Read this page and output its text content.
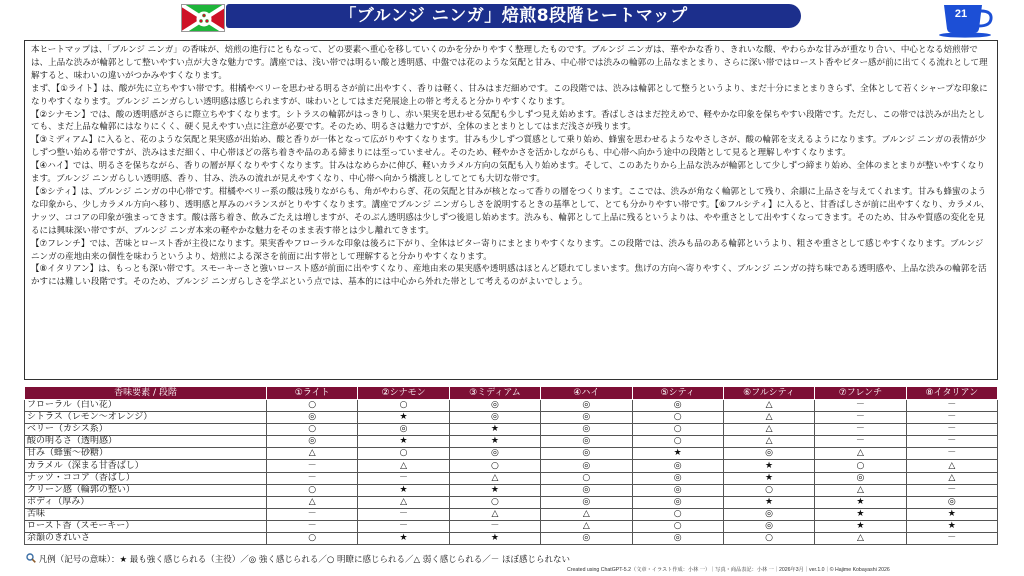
「ブルンジ ニンガ」焙煎8段階ヒートマップ	21

本ヒートマップは、「ブルンジ ニンガ」の香味が、焙煎の進行にともなって、どの要素へ重心を移していくのかを分かりやすく整理したものです。ブルンジ ニンガは、華やかな香り、きれいな酸、やわらかな甘みが重なり合い、中心となる焙煎帯では、上品な渋みが輪郭として整いやすい点が大きな魅力です。講座では、浅い帯では明るい酸と透明感、中盤では花のような気配と甘み、中心帯では渋みの輪郭の上品なまとまり、さらに深い帯ではロースト香やビター感が前に出てくる流れとして理解すると、味わいの違いがつかみやすくなります。

まず、【①ライト】は、酸が先に立ちやすい帯です。柑橘やベリーを思わせる明るさが前に出やすく、香りは軽く、甘みはまだ細めです。この段階では、渋みは輪郭として整うというより、まだ十分にまとまりきらず、全体として若くシャープな印象になりやすくなります。ブルンジ ニンガらしい透明感は感じられますが、味わいとしてはまだ発展途上の帯と考えると分かりやすくなります。

【②シナモン】では、酸の透明感がさらに際立ちやすくなります。シトラスの輪郭がはっきりし、赤い果実を思わせる気配も少しずつ見え始めます。香ばしさはまだ控えめで、軽やかな印象を保ちやすい段階です。ただし、この帯では渋みが出たとしても、まだ上品な輪郭にはなりにくく、硬く見えやすい点に注意が必要です。そのため、明るさは魅力ですが、全体のまとまりとしてはまだ浅さが残ります。

【③ミディアム】に入ると、花のような気配と果実感が出始め、酸と香りが一体となって広がりやすくなります。甘みも少しずつ質感として乗り始め、蜂蜜を思わせるようなやさしさが、酸の輪郭を支えるようになります。ブルンジ ニンガの表情が少しずつ整い始める帯ですが、渋みはまだ細く、中心帯ほどの落ち着きや品のある締まりには至っていません。そのため、軽やかさを活かしながらも、中心帯へ向かう途中の段階として見ると理解しやすくなります。

【④ハイ】では、明るさを保ちながら、香りの層が厚くなりやすくなります。甘みはなめらかに伸び、軽いカラメル方向の気配も入り始めます。そして、このあたりから上品な渋みが輪郭として少しずつ締まり始め、全体のまとまりが整いやすくなります。ブルンジ ニンガらしい透明感、香り、甘み、渋みの流れが見えやすくなり、中心帯へ向かう橋渡しとしてとても大切な帯です。

【⑤シティ】は、ブルンジ ニンガの中心帯です。柑橘やベリー系の酸は残りながらも、角がやわらぎ、花の気配と甘みが核となって香りの層をつくります。ここでは、渋みが角なく輪郭として残り、余韻に上品さを与えてくれます。甘みも蜂蜜のような印象から、少しカラメル方向へ移り、透明感と厚みのバランスがとりやすくなります。講座でブルンジ ニンガらしさを説明するときの基準として、とても分かりやすい帯です。【⑥フルシティ】に入ると、甘香ばしさが前に出やすくなり、カラメル、ナッツ、ココアの印象が強まってきます。酸は落ち着き、飲みごたえは増しますが、そのぶん透明感は少しずつ後退し始めます。渋みも、輪郭として上品に残るというよりは、やや重さとして出やすくなってきます。そのため、甘みや質感の変化を見るには興味深い帯ですが、ブルンジ ニンガ本来の軽やかな魅力をそのまま表す帯とは少し離れてきます。

【⑦フレンチ】では、苦味とロースト香が主役になります。果実香やフローラルな印象は後ろに下がり、全体はビター寄りにまとまりやすくなります。この段階では、渋みも品のある輪郭というより、粗さや重さとして感じやすくなります。ブルンジ ニンガの産地由来の個性を味わうというより、焙煎による深さを前面に出す帯として理解すると分かりやすくなります。

【⑧イタリアン】は、もっとも深い帯です。スモーキーさと強いロースト感が前面に出やすくなり、産地由来の果実感や透明感はほとんど隠れてしまいます。焦げの方向へ寄りやすく、ブルンジ ニンガの持ち味である透明感や、上品な渋みの輪郭を活かすには難しい段階です。そのため、ブルンジ ニンガらしさを学ぶという点では、基本的には中心から外れた帯として考えるのがよいでしょう。

香味要素 / 段階	①ライト	②シナモン	③ミディアム	④ハイ	⑤シティ	⑥フルシティ	⑦フレンチ	⑧イタリアン
フローラル（白い花）	○	○	◎	◎	◎	△	－	－
シトラス（レモン〜オレンジ）	◎	★	◎	◎	○	△	－	－
ベリー（カシス系）	○	◎	★	◎	○	△	－	－
酸の明るさ（透明感）	◎	★	★	◎	○	△	－	－
甘み（蜂蜜〜砂糖）	△	○	◎	◎	★	◎	△	－
カラメル（深まる甘香ばし）	－	△	○	◎	◎	★	○	△
ナッツ・ココア（香ばし）	－	－	△	○	◎	★	◎	△
クリーン感（輪郭の整い）	○	★	★	◎	◎	○	△	－
ボディ（厚み）	△	△	○	◎	◎	★	★	◎
苦味	－	－	△	△	○	◎	★	★
ロースト香（スモーキー）	－	－	－	△	○	◎	★	★
余韻のきれいさ	○	★	★	◎	◎	○	△	－
凡例（記号の意味）：★ 最も強く感じられる（主役）／◎ 強く感じられる／○ 明瞭に感じられる／△ 弱く感じられる／－ ほぼ感じられない
Created using ChatGPT-5.2（文章・イラスト作成：小林 一）｜写真・商品表記：小林 一｜2026年3月｜ver.1.0｜© Hajime Kobayashi 2026
